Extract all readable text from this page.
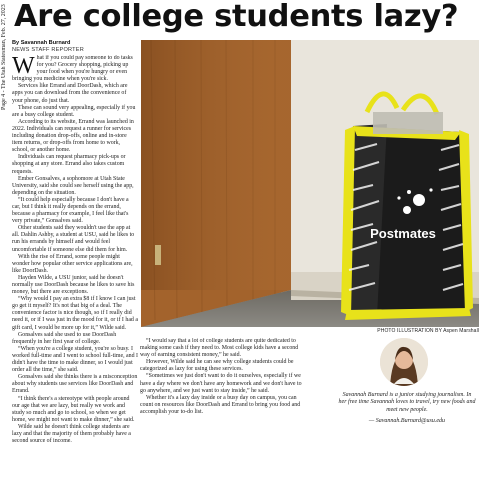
Page 4 - The Utah Statesman, Feb. 27, 2023 Are college students lazy?
By Savannah Burnard
NEWS STAFF REPORTER

What if you could pay someone to do tasks for you? Grocery shopping, picking up your food when you're hungry or even bringing you medicine when you're sick.

Services like Errand and DoorDash, which are apps you can download from the convenience of your phone, do just that.

These can sound very appealing, especially if you are a busy college student.

According to its website, Errand was launched in 2022. Individuals can request a runner for services including donation drop-offs, online and in-store item returns, or drop-offs from home to work, school, or another home.

Individuals can request pharmacy pick-ups or shopping at any store. Errand also takes custom requests.

Ember Gonsalves, a sophomore at Utah State University, said she could see herself using the app, depending on the situation.

“It could help especially because I don't have a car, but I think it really depends on the errand, because a pharmacy for example, I feel like that's very private,” Gonsalves said.

Other students said they wouldn't use the app at all. Dahlin Ashby, a student at USU, said he likes to run his errands by himself and would feel uncomfortable if someone else did them for him.

With the rise of Errand, some people might wonder how popular other service applications are, like DoorDash.

Hayden Wilde, a USU junior, said he doesn't normally use DoorDash because he likes to save his money, but there are exceptions.

“Why would I pay an extra $8 if I know I can just go get it myself? It's not that big of a deal. The convenience factor is nice though, so if I really did need it, or if I was just in the mood for it, or if I had a gift card, I would be more up for it,” Wilde said.

Gonsalves said she used to use DoorDash frequently in her first year of college.

“When you're a college student, you're so busy. I worked full-time and I went to school full-time, and I didn't have the time to make dinner, so I would just order all the time,” she said.

Gonsalves said she thinks there is a misconception about why students use services like DoorDash and Errand.

“I think there's a stereotype with people around our age that we are lazy, but really we work and study so much and go to school, so when we get home, we might not want to make dinner,” she said.

Wilde said he doesn't think college students are lazy and that the majority of them probably have a second source of income.

Postmates
PHOTO ILLUSTRATION BY Aspen Marshall

“I would say that a lot of college students are quite dedicated to making some cash if they need to. Most college kids have a second way of earning consistent money,” he said.

However, Wilde said he can see why college students could be categorized as lazy for using these services.

“Sometimes we just don't want to do it ourselves, especially if we have a day where we don't have any homework and we don't have to go anywhere, and we just want to stay inside,” he said.

Whether it's a lazy day inside or a busy day on campus, you can count on resources like DoorDash and Errand to bring you food and accomplish your to-do list.

Savannah Burnard is a junior studying journalism. In her free time Savannah loves to travel, try new foods and meet new people.
— Savannah.Burnard@usu.edu
